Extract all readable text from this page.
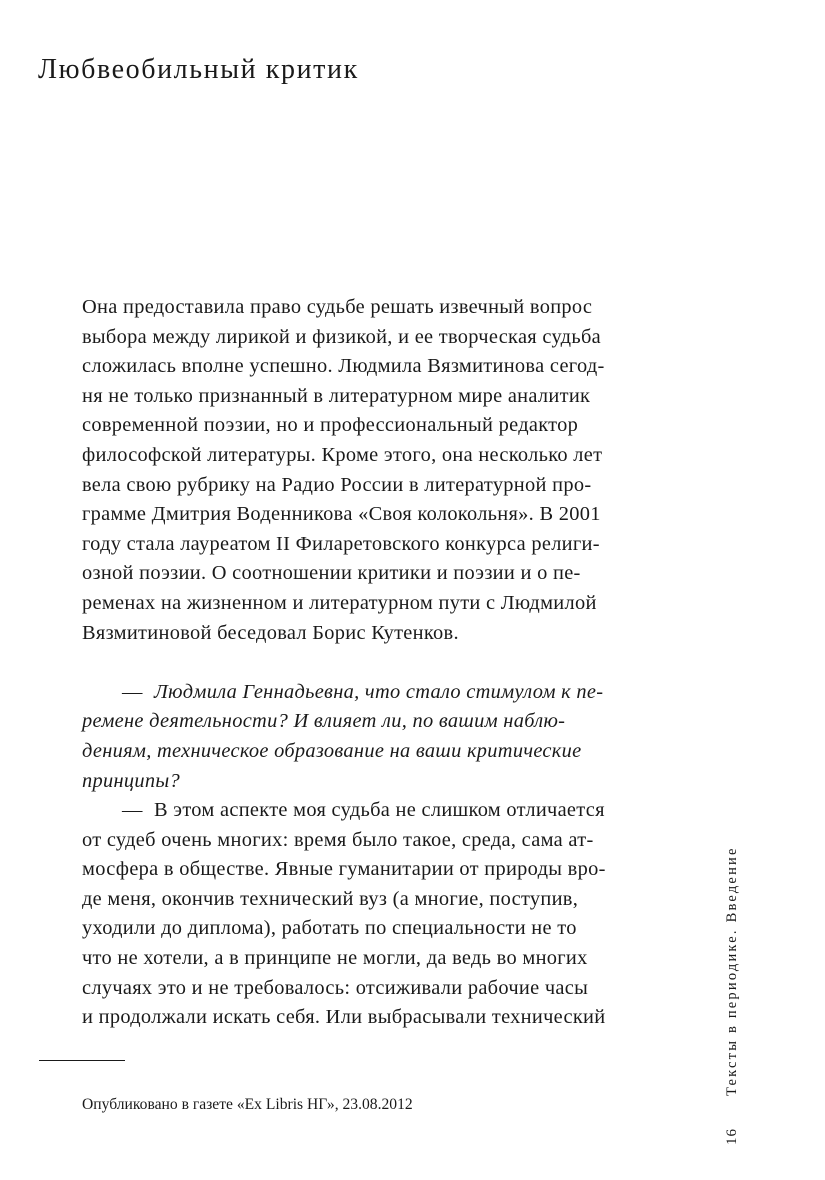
Любвеобильный критик
Она предоставила право судьбе решать извечный вопрос
выбора между лирикой и физикой, и ее творческая судьба
сложилась вполне успешно. Людмила Вязмитинова сегод-
ня не только признанный в литературном мире аналитик
современной поэзии, но и профессиональный редактор
философской литературы. Кроме этого, она несколько лет
вела свою рубрику на Радио России в литературной про-
грамме Дмитрия Воденникова «Своя колокольня». В 2001
году стала лауреатом II Филаретовского конкурса религи-
озной поэзии. О соотношении критики и поэзии и о пе-
ременах на жизненном и литературном пути с Людмилой
Вязмитиновой беседовал Борис Кутенков.
— Людмила Геннадьевна, что стало стимулом к пе-
ремене деятельности? И влияет ли, по вашим наблю-
дениям, техническое образование на ваши критические
принципы?
— В этом аспекте моя судьба не слишком отличается
от судеб очень многих: время было такое, среда, сама ат-
мосфера в обществе. Явные гуманитарии от природы вро-
де меня, окончив технический вуз (а многие, поступив,
уходили до диплома), работать по специальности не то
что не хотели, а в принципе не могли, да ведь во многих
случаях это и не требовалось: отсиживали рабочие часы
и продолжали искать себя. Или выбрасывали технический
Опубликовано в газете «Ex Libris НГ», 23.08.2012
Тексты в периодике. Введение
16
